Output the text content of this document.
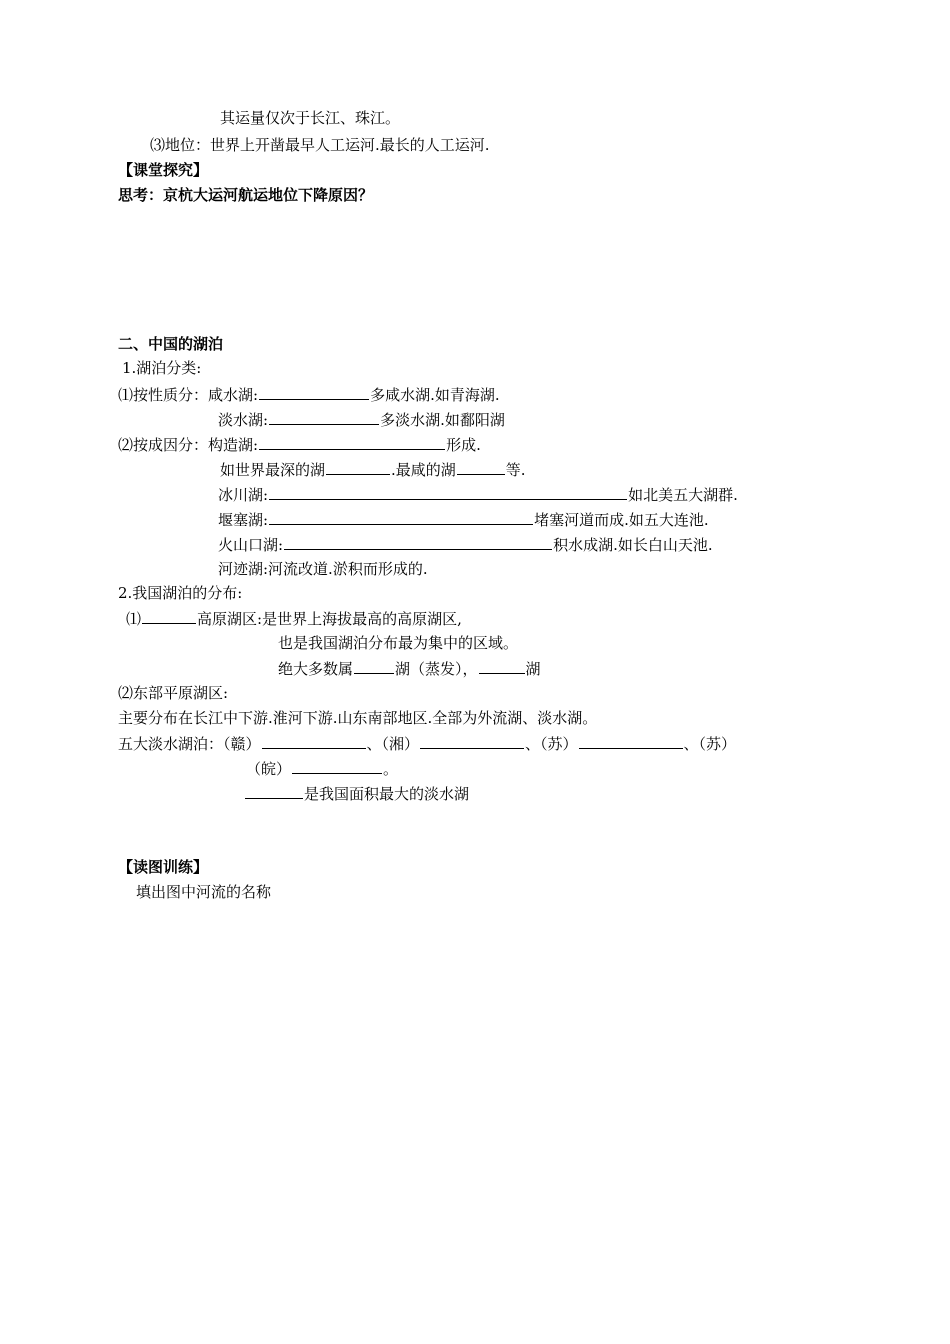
其运量仅次于长江、珠江。
⑶地位：世界上开凿最早人工运河.最长的人工运河.
【课堂探究】
思考：京杭大运河航运地位下降原因？
二、中国的湖泊
1.湖泊分类:
⑴按性质分：咸水湖:	多咸水湖.如青海湖.
淡水湖:	多淡水湖.如鄱阳湖
⑵按成因分：构造湖:	形成.
如世界最深的湖	.最咸的湖	等.
冰川湖:	如北美五大湖群.
堰塞湖:	堵塞河道而成.如五大连池.
火山口湖:	积水成湖.如长白山天池.
河迹湖:河流改道.淤积而形成的.
2.我国湖泊的分布:
⑴	高原湖区:是世界上海拔最高的高原湖区,
也是我国湖泊分布最为集中的区域。
绝大多数属	湖（蒸发），	湖
⑵东部平原湖区:
主要分布在长江中下游.淮河下游.山东南部地区.全部为外流湖、淡水湖。
五大淡水湖泊：（赣）	、（湘）	、（苏）	、（苏）
（皖）	。
是我国面积最大的淡水湖
【读图训练】
填出图中河流的名称
